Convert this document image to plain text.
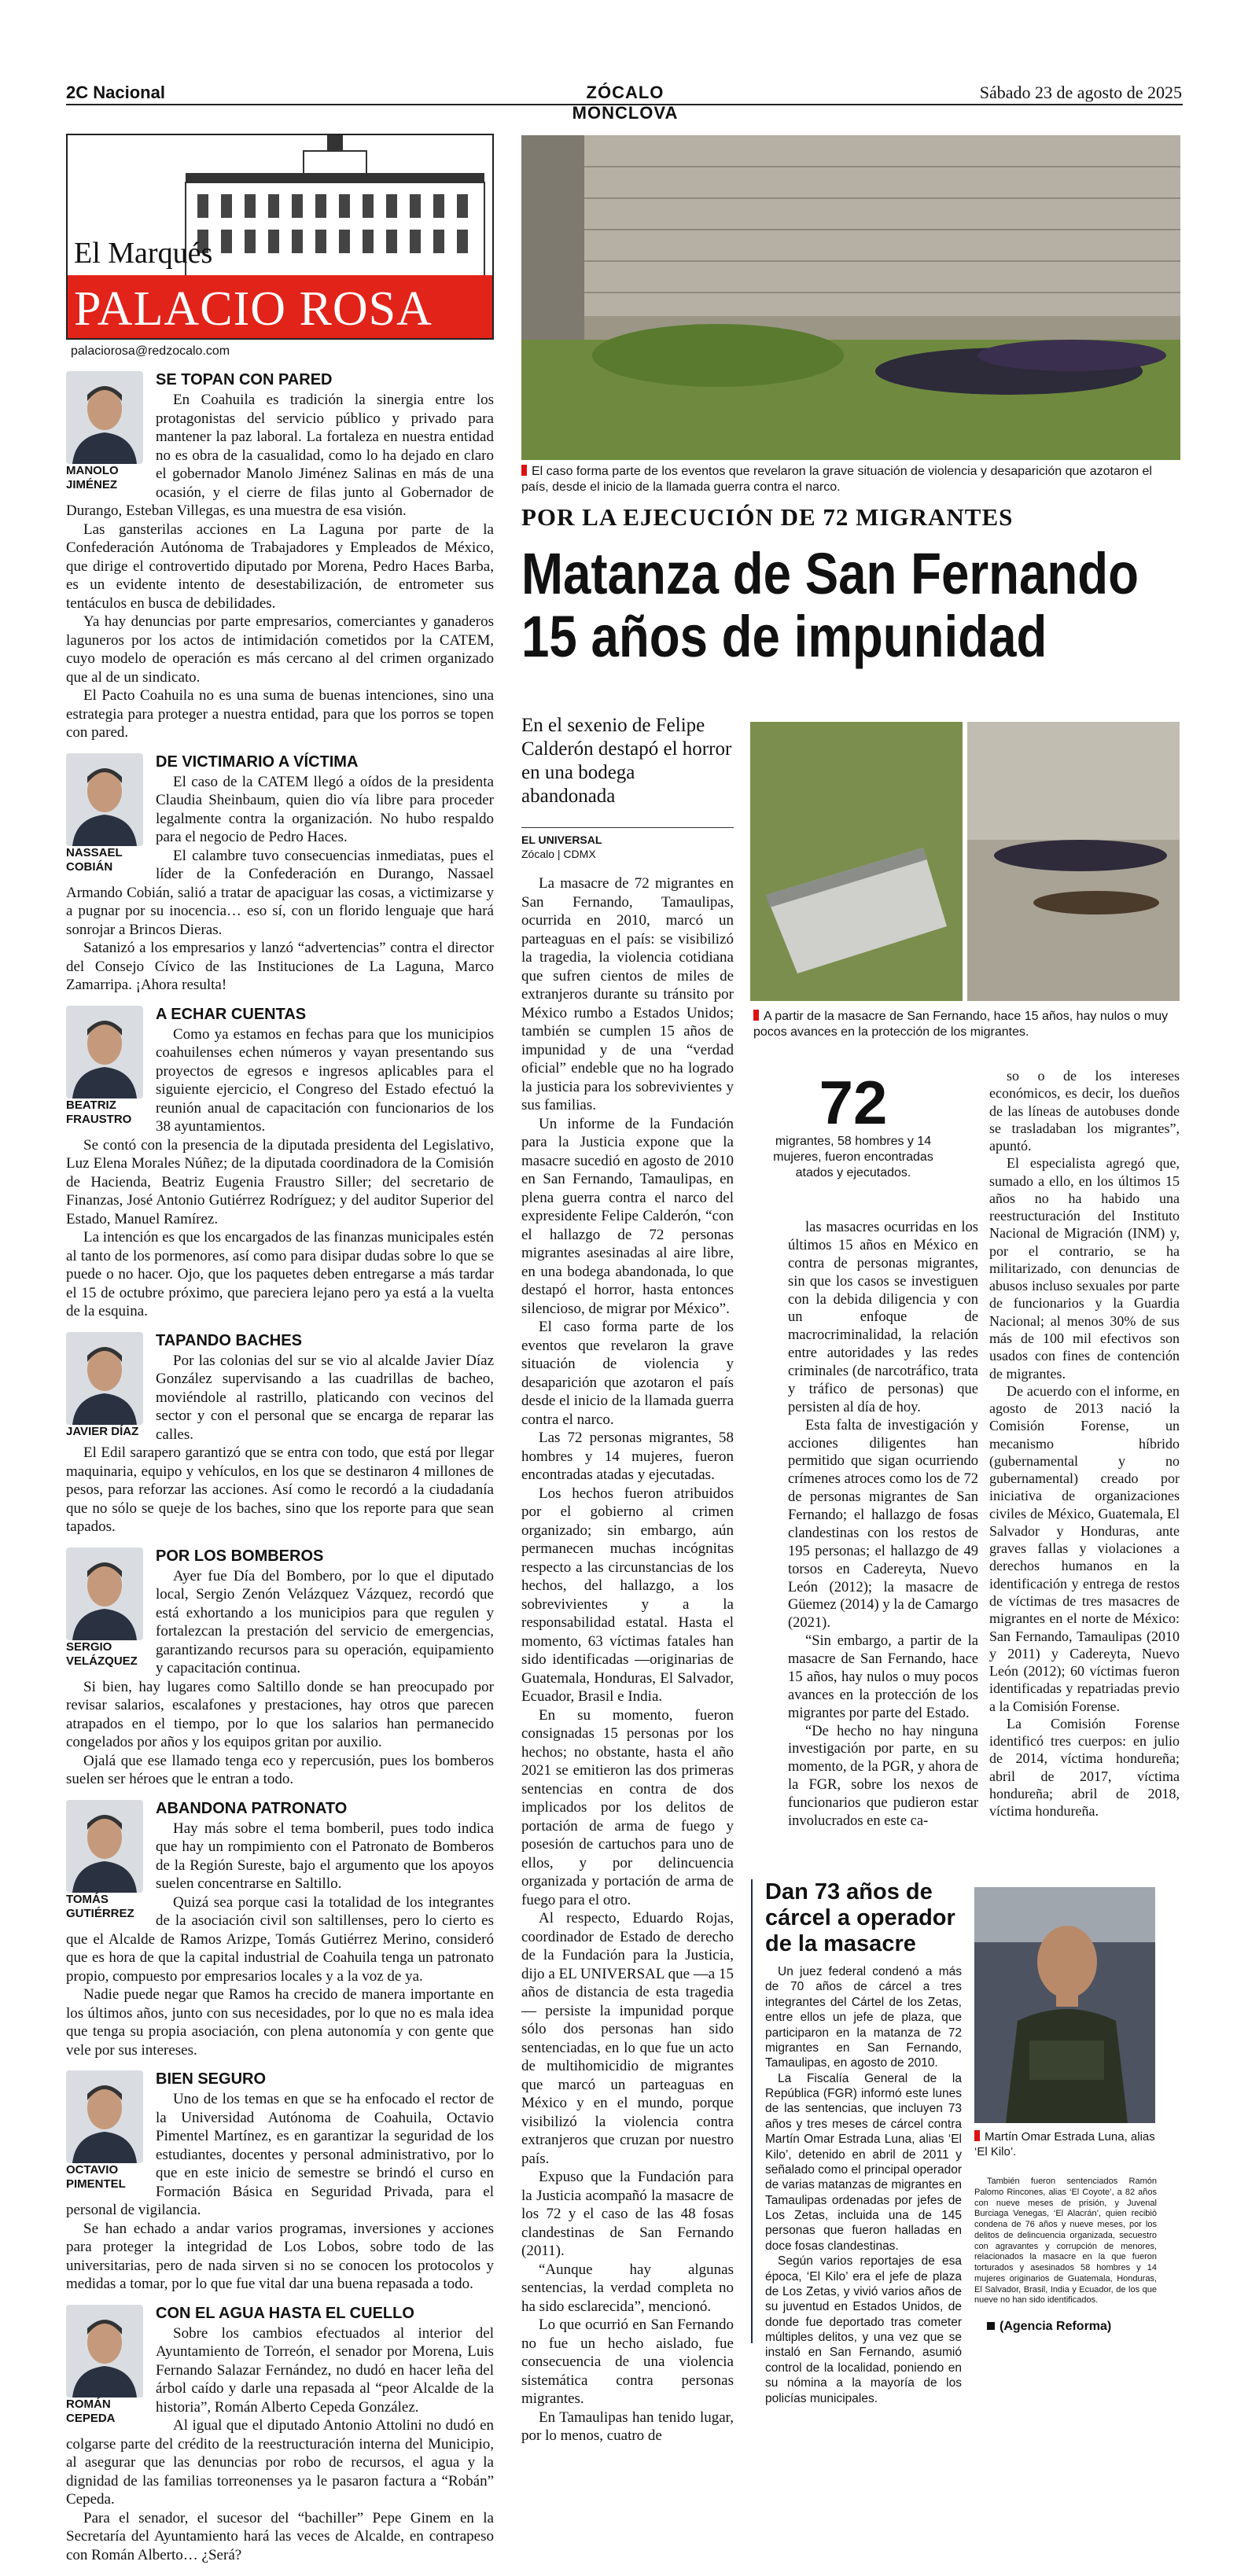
2C Nacional	ZÓCALO MONCLOVA
Sábado 23 de agosto de 2025
El Marqués
PALACIO ROSA
palaciorosa@redzocalo.com
MANOLO JIMÉNEZ
SE TOPAN CON PARED

En Coahuila es tradición la sinergia entre los protagonistas del servicio público y privado para mantener la paz laboral. La fortaleza en nuestra entidad no es obra de la casualidad, como lo ha dejado en claro el gobernador Manolo Jiménez Salinas en más de una ocasión, y el cierre de filas junto al Gobernador de Durango, Esteban Villegas, es una muestra de esa visión.

Las gansterilas acciones en La Laguna por parte de la Confederación Autónoma de Trabajadores y Empleados de México, que dirige el controvertido diputado por Morena, Pedro Haces Barba, es un evidente intento de desestabilización, de entrometer sus tentáculos en busca de debilidades.

Ya hay denuncias por parte empresarios, comerciantes y ganaderos laguneros por los actos de intimidación cometidos por la CATEM, cuyo modelo de operación es más cercano al del crimen organizado que al de un sindicato.

El Pacto Coahuila no es una suma de buenas intenciones, sino una estrategia para proteger a nuestra entidad, para que los porros se topen con pared.

NASSAEL COBIÁN
DE VICTIMARIO A VÍCTIMA

El caso de la CATEM llegó a oídos de la presidenta Claudia Sheinbaum, quien dio vía libre para proceder legalmente contra la organización. No hubo respaldo para el negocio de Pedro Haces.

El calambre tuvo consecuencias inmediatas, pues el líder de la Confederación en Durango, Nassael Armando Cobián, salió a tratar de apaciguar las cosas, a victimizarse y a pugnar por su inocencia… eso sí, con un florido lenguaje que hará sonrojar a Brincos Dieras.

Satanizó a los empresarios y lanzó “advertencias” contra el director del Consejo Cívico de las Instituciones de La Laguna, Marco Zamarripa. ¡Ahora resulta!

BEATRIZ FRAUSTRO
A ECHAR CUENTAS

Como ya estamos en fechas para que los municipios coahuilenses echen números y vayan presentando sus proyectos de egresos e ingresos aplicables para el siguiente ejercicio, el Congreso del Estado efectuó la reunión anual de capacitación con funcionarios de los 38 ayuntamientos.

Se contó con la presencia de la diputada presidenta del Legislativo, Luz Elena Morales Núñez; de la diputada coordinadora de la Comisión de Hacienda, Beatriz Eugenia Fraustro Siller; del secretario de Finanzas, José Antonio Gutiérrez Rodríguez; y del auditor Superior del Estado, Manuel Ramírez.

La intención es que los encargados de las finanzas municipales estén al tanto de los pormenores, así como para disipar dudas sobre lo que se puede o no hacer. Ojo, que los paquetes deben entregarse a más tardar el 15 de octubre próximo, que pareciera lejano pero ya está a la vuelta de la esquina.

JAVIER DÍAZ
TAPANDO BACHES

Por las colonias del sur se vio al alcalde Javier Díaz González supervisando a las cuadrillas de bacheo, moviéndole al rastrillo, platicando con vecinos del sector y con el personal que se encarga de reparar las calles.

El Edil sarapero garantizó que se entra con todo, que está por llegar maquinaria, equipo y vehículos, en los que se destinaron 4 millones de pesos, para reforzar las acciones. Así como le recordó a la ciudadanía que no sólo se queje de los baches, sino que los reporte para que sean tapados.

SERGIO VELÁZQUEZ
POR LOS BOMBEROS

Ayer fue Día del Bombero, por lo que el diputado local, Sergio Zenón Velázquez Vázquez, recordó que está exhortando a los municipios para que regulen y fortalezcan la prestación del servicio de emergencias, garantizando recursos para su operación, equipamiento y capacitación continua.

Si bien, hay lugares como Saltillo donde se han preocupado por revisar salarios, escalafones y prestaciones, hay otros que parecen atrapados en el tiempo, por lo que los salarios han permanecido congelados por años y los equipos gritan por auxilio.

Ojalá que ese llamado tenga eco y repercusión, pues los bomberos suelen ser héroes que le entran a todo.

TOMÁS GUTIÉRREZ
ABANDONA PATRONATO

Hay más sobre el tema bomberil, pues todo indica que hay un rompimiento con el Patronato de Bomberos de la Región Sureste, bajo el argumento que los apoyos suelen concentrarse en Saltillo.

Quizá sea porque casi la totalidad de los integrantes de la asociación civil son saltillenses, pero lo cierto es que el Alcalde de Ramos Arizpe, Tomás Gutiérrez Merino, consideró que es hora de que la capital industrial de Coahuila tenga un patronato propio, compuesto por empresarios locales y a la voz de ya.

Nadie puede negar que Ramos ha crecido de manera importante en los últimos años, junto con sus necesidades, por lo que no es mala idea que tenga su propia asociación, con plena autonomía y con gente que vele por sus intereses.

OCTAVIO PIMENTEL
BIEN SEGURO

Uno de los temas en que se ha enfocado el rector de la Universidad Autónoma de Coahuila, Octavio Pimentel Martínez, es en garantizar la seguridad de los estudiantes, docentes y personal administrativo, por lo que en este inicio de semestre se brindó el curso en Formación Básica en Seguridad Privada, para el personal de vigilancia.

Se han echado a andar varios programas, inversiones y acciones para proteger la integridad de Los Lobos, sobre todo de las universitarias, pero de nada sirven si no se conocen los protocolos y medidas a tomar, por lo que fue vital dar una buena repasada a todo.

ROMÁN CEPEDA
CON EL AGUA HASTA EL CUELLO

Sobre los cambios efectuados al interior del Ayuntamiento de Torreón, el senador por Morena, Luis Fernando Salazar Fernández, no dudó en hacer leña del árbol caído y darle una repasada al “peor Alcalde de la historia”, Román Alberto Cepeda González.

Al igual que el diputado Antonio Attolini no dudó en colgarse parte del crédito de la reestructuración interna del Municipio, al asegurar que las denuncias por robo de recursos, el agua y la dignidad de las familias torreonenses ya le pasaron factura a “Robán” Cepeda.

Para el senador, el sucesor del “bachiller” Pepe Ginem en la Secretaría del Ayuntamiento hará las veces de Alcalde, en contrapeso con Román Alberto… ¿Será?

El caso forma parte de los eventos que revelaron la grave situación de violencia y desaparición que azotaron el país, desde el inicio de la llamada guerra contra el narco.
POR LA EJECUCIÓN DE 72 MIGRANTES
Matanza de San Fernando
15 años de impunidad
En el sexenio de Felipe Calderón destapó el horror en una bodega abandonada
EL UNIVERSAL
Zócalo | CDMX
A partir de la masacre de San Fernando, hace 15 años, hay nulos o muy pocos avances en la protección de los migrantes.
72
migrantes, 58 hombres y 14 mujeres, fueron encontradas atados y ejecutados.

La masacre de 72 migrantes en San Fernando, Tamaulipas, ocurrida en 2010, marcó un parteaguas en el país: se visibilizó la tragedia, la violencia cotidiana que sufren cientos de miles de extranjeros durante su tránsito por México rumbo a Estados Unidos; también se cumplen 15 años de impunidad y de una “verdad oficial” endeble que no ha logrado la justicia para los sobrevivientes y sus familias.

Un informe de la Fundación para la Justicia expone que la masacre sucedió en agosto de 2010 en San Fernando, Tamaulipas, en plena guerra contra el narco del expresidente Felipe Calderón, “con el hallazgo de 72 personas migrantes asesinadas al aire libre, en una bodega abandonada, lo que destapó el horror, hasta entonces silencioso, de migrar por México”.

El caso forma parte de los eventos que revelaron la grave situación de violencia y desaparición que azotaron el país desde el inicio de la llamada guerra contra el narco.

Las 72 personas migrantes, 58 hombres y 14 mujeres, fueron encontradas atadas y ejecutadas.

Los hechos fueron atribuidos por el gobierno al crimen organizado; sin embargo, aún permanecen muchas incógnitas respecto a las circunstancias de los hechos, del hallazgo, a los sobrevivientes y a la responsabilidad estatal. Hasta el momento, 63 víctimas fatales han sido identificadas —originarias de Guatemala, Honduras, El Salvador, Ecuador, Brasil e India.

En su momento, fueron consignadas 15 personas por los hechos; no obstante, hasta el año 2021 se emitieron las dos primeras sentencias en contra de dos implicados por los delitos de portación de arma de fuego y posesión de cartuchos para uno de ellos, y por delincuencia organizada y portación de arma de fuego para el otro.

Al respecto, Eduardo Rojas, coordinador de Estado de derecho de la Fundación para la Justicia, dijo a EL UNIVERSAL que —a 15 años de distancia de esta tragedia— persiste la impunidad porque sólo dos personas han sido sentenciadas, en lo que fue un acto de multihomicidio de migrantes que marcó un parteaguas en México y en el mundo, porque visibilizó la violencia contra extranjeros que cruzan por nuestro país.

Expuso que la Fundación para la Justicia acompañó la masacre de los 72 y el caso de las 48 fosas clandestinas de San Fernando (2011).

“Aunque hay algunas sentencias, la verdad completa no ha sido esclarecida”, mencionó.

Lo que ocurrió en San Fernando no fue un hecho aislado, fue consecuencia de una violencia sistemática contra personas migrantes.

En Tamaulipas han tenido lugar, por lo menos, cuatro de

las masacres ocurridas en los últimos 15 años en México en contra de personas migrantes, sin que los casos se investiguen con la debida diligencia y con un enfoque de macrocriminalidad, la relación entre autoridades y las redes criminales (de narcotráfico, trata y tráfico de personas) que persisten al día de hoy.

Esta falta de investigación y acciones diligentes han permitido que sigan ocurriendo crímenes atroces como los de 72 de personas migrantes de San Fernando; el hallazgo de fosas clandestinas con los restos de 195 personas; el hallazgo de 49 torsos en Cadereyta, Nuevo León (2012); la masacre de Güemez (2014) y la de Camargo (2021).

“Sin embargo, a partir de la masacre de San Fernando, hace 15 años, hay nulos o muy pocos avances en la protección de los migrantes por parte del Estado.

“De hecho no hay ninguna investigación por parte, en su momento, de la PGR, y ahora de la FGR, sobre los nexos de funcionarios que pudieron estar involucrados en este ca-

so o de los intereses económicos, es decir, los dueños de las líneas de autobuses donde se trasladaban los migrantes”, apuntó.

El especialista agregó que, sumado a ello, en los últimos 15 años no ha habido una reestructuración del Instituto Nacional de Migración (INM) y, por el contrario, se ha militarizado, con denuncias de abusos incluso sexuales por parte de funcionarios y la Guardia Nacional; al menos 30% de sus más de 100 mil efectivos son usados con fines de contención de migrantes.

De acuerdo con el informe, en agosto de 2013 nació la Comisión Forense, un mecanismo híbrido (gubernamental y no gubernamental) creado por iniciativa de organizaciones civiles de México, Guatemala, El Salvador y Honduras, ante graves fallas y violaciones a derechos humanos en la identificación y entrega de restos de víctimas de tres masacres de migrantes en el norte de México: San Fernando, Tamaulipas (2010 y 2011) y Cadereyta, Nuevo León (2012); 60 víctimas fueron identificadas y repatriadas previo a la Comisión Forense.

La Comisión Forense identificó tres cuerpos: en julio de 2014, víctima hondureña; abril de 2017, víctima hondureña; abril de 2018, víctima hondureña.

Dan 73 años de cárcel a operador de la masacre

Un juez federal condenó a más de 70 años de cárcel a tres integrantes del Cártel de los Zetas, entre ellos un jefe de plaza, que participaron en la matanza de 72 migrantes en San Fernando, Tamaulipas, en agosto de 2010.

La Fiscalía General de la República (FGR) informó este lunes de las sentencias, que incluyen 73 años y tres meses de cárcel contra Martín Omar Estrada Luna, alias ‘El Kilo’, detenido en abril de 2011 y señalado como el principal operador de varias matanzas de migrantes en Tamaulipas ordenadas por jefes de Los Zetas, incluida una de 145 personas que fueron halladas en doce fosas clandestinas.

Según varios reportajes de esa época, ‘El Kilo’ era el jefe de plaza de Los Zetas, y vivió varios años de su juventud en Estados Unidos, de donde fue deportado tras cometer múltiples delitos, y una vez que se instaló en San Fernando, asumió control de la localidad, poniendo en su nómina a la mayoría de los policías municipales.

Martín Omar Estrada Luna, alias ‘El Kilo’.

También fueron sentenciados Ramón Palomo Rincones, alias ‘El Coyote’, a 82 años con nueve meses de prisión, y Juvenal Burciaga Venegas, ‘El Alacrán’, quien recibió condena de 76 años y nueve meses, por los delitos de delincuencia organizada, secuestro con agravantes y corrupción de menores, relacionados la masacre en la que fueron torturados y asesinados 58 hombres y 14 mujeres originarios de Guatemala, Honduras, El Salvador, Brasil, India y Ecuador, de los que nueve no han sido identificados.

(Agencia Reforma)
